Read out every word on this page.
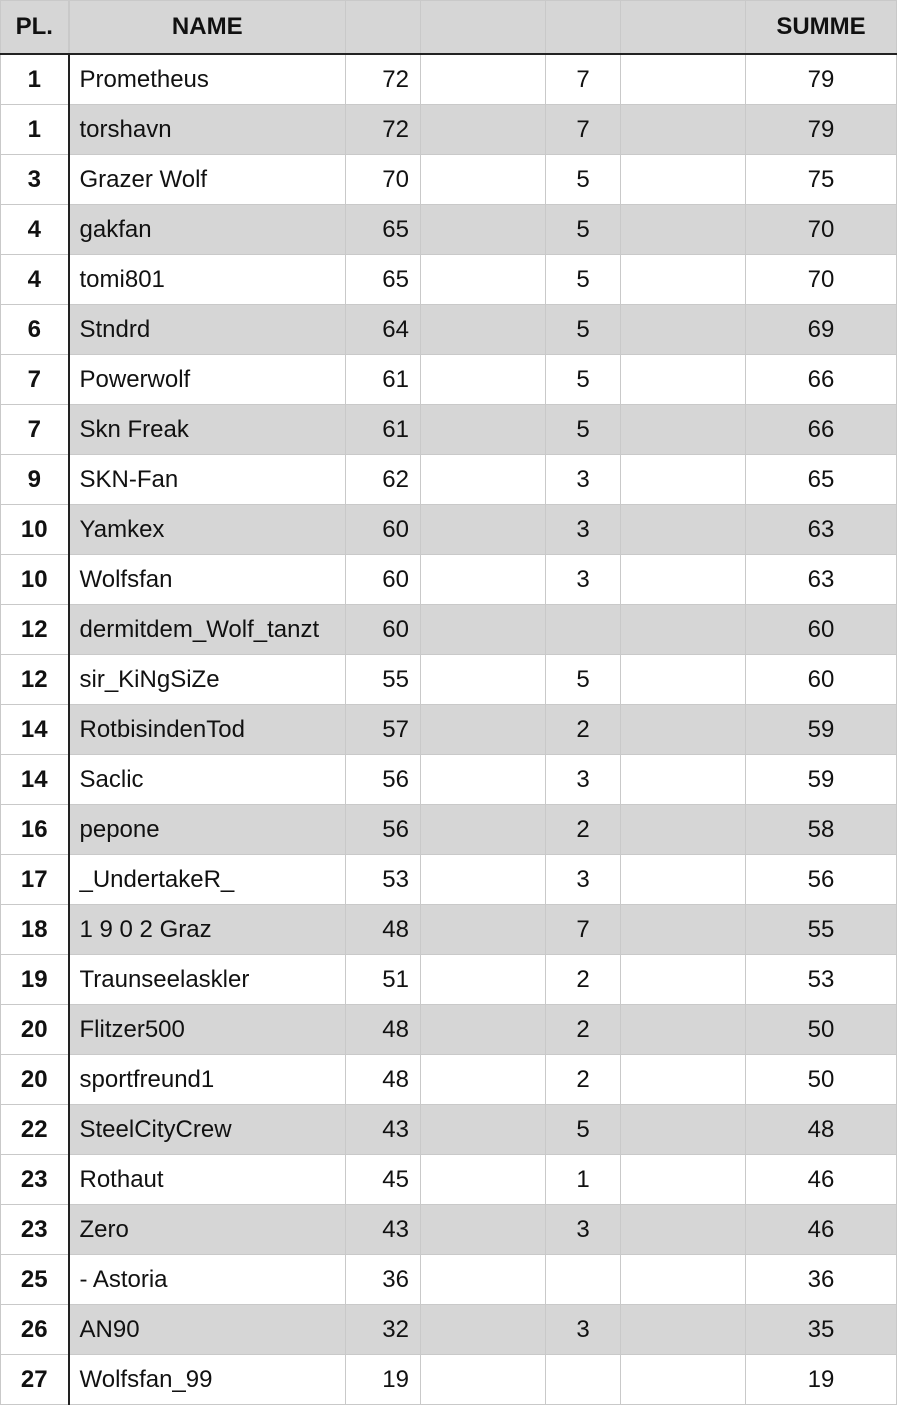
PL.	NAME					SUMME
1	Prometheus	72		7		79
1	torshavn	72		7		79
3	Grazer Wolf	70		5		75
4	gakfan	65		5		70
4	tomi801	65		5		70
6	Stndrd	64		5		69
7	Powerwolf	61		5		66
7	Skn Freak	61		5		66
9	SKN-Fan	62		3		65
10	Yamkex	60		3		63
10	Wolfsfan	60		3		63
12	dermitdem_Wolf_tanzt	60				60
12	sir_KiNgSiZe	55		5		60
14	RotbisindenTod	57		2		59
14	Saclic	56		3		59
16	pepone	56		2		58
17	_UndertakeR_	53		3		56
18	1 9 0 2 Graz	48		7		55
19	Traunseelaskler	51		2		53
20	Flitzer500	48		2		50
20	sportfreund1	48		2		50
22	SteelCityCrew	43		5		48
23	Rothaut	45		1		46
23	Zero	43		3		46
25	- Astoria	36				36
26	AN90	32		3		35
27	Wolfsfan_99	19				19
